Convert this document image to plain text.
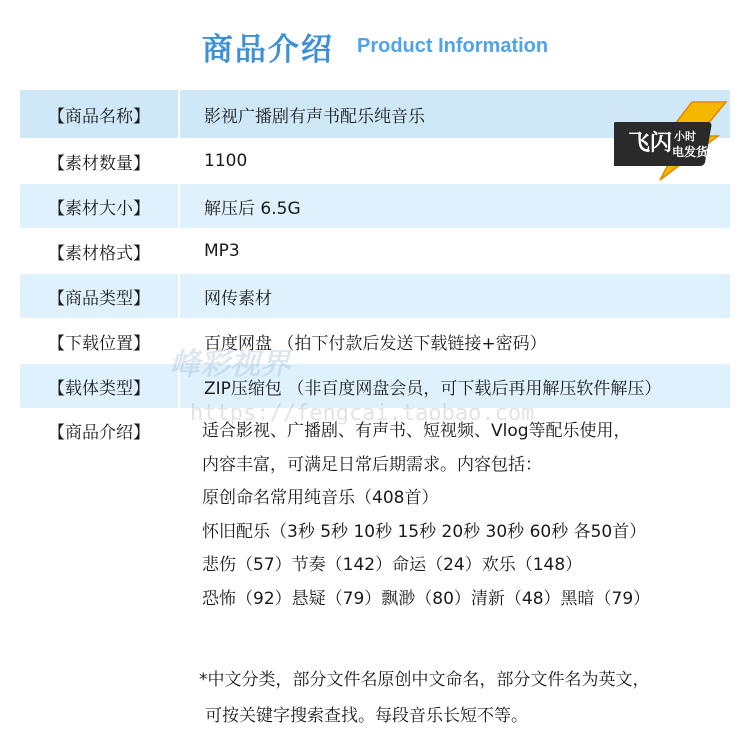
商品介绍 Product Information
【商品名称】	影视广播剧有声书配乐纯音乐
【素材数量】	1100
【素材大小】	解压后 6.5G
【素材格式】	MP3
【商品类型】	网传素材
【下载位置】	百度网盘 （拍下付款后发送下载链接+密码）
【载体类型】	ZIP压缩包 （非百度网盘会员，可下载后再用解压软件解压）
【商品介绍】	适合影视、广播剧、有声书、短视频、Vlog等配乐使用，
内容丰富，可满足日常后期需求。内容包括：
原创命名常用纯音乐（408首）
怀旧配乐（3秒 5秒 10秒 15秒 20秒 30秒 60秒 各50首）
悲伤（57）节奏（142）命运（24）欢乐（148）
恐怖（92）悬疑（79）飘渺（80）清新（48）黑暗（79）
*中文分类，部分文件名原创中文命名，部分文件名为英文，
可按关键字搜索查找。每段音乐长短不等。
飞闪 小时
电发货
峰彩视界
https://fengcai.taobao.com
